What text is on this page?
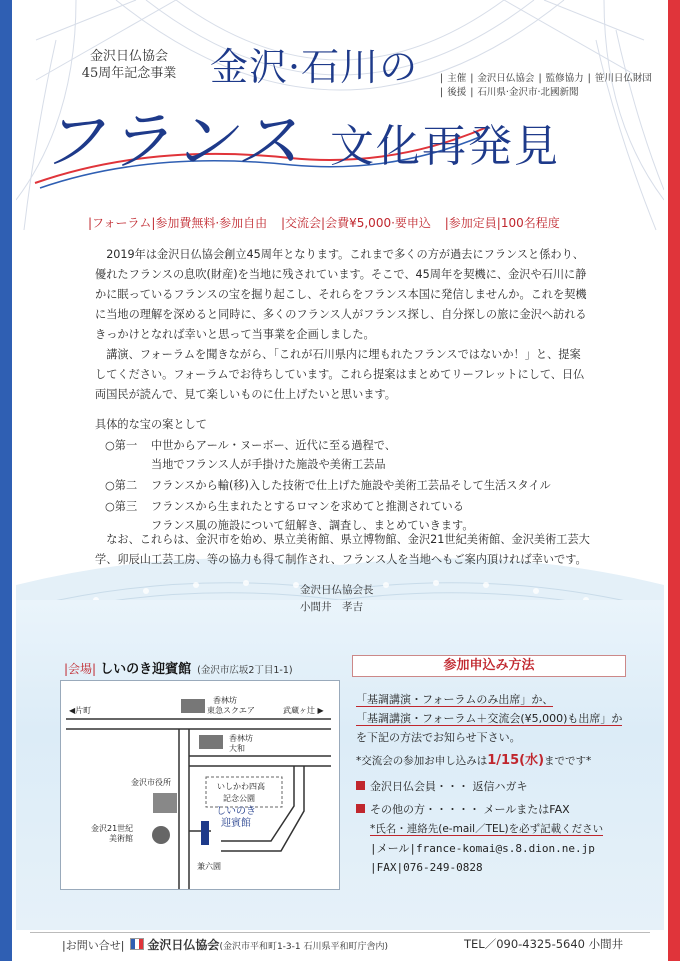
金沢日仏協会
45周年記念事業 金沢·石川の
フランス 文化再発見
| 主催 | 金沢日仏協会 | 監修協力 | 笹川日仏財団
| 後援 | 石川県·金沢市·北國新聞
|フォーラム|参加費無料·参加自由 |交流会|会費¥5,000·要申込 |参加定員|100名程度

2019年は金沢日仏協会創立45周年となります。これまで多くの方が過去にフランスと係わり、優れたフランスの息吹(財産)を当地に残されています。そこで、45周年を契機に、金沢や石川に静かに眠っているフランスの宝を掘り起こし、それらをフランス本国に発信しませんか。これを契機に当地の理解を深めると同時に、多くのフランス人がフランス探し、自分探しの旅に金沢へ訪れるきっかけとなれば幸いと思って当事業を企画しました。

講演、フォーラムを聞きながら、「これが石川県内に埋もれたフランスではないか！」と、提案してください。フォーラムでお待ちしています。これら提案はまとめてリーフレットにして、日仏両国民が読んで、見て楽しいものに仕上げたいと思います。

具体的な宝の案として
○第一	中世からアール・ヌーボー、近代に至る過程で、
当地でフランス人が手掛けた施設や美術工芸品
○第二	フランスから輸(移)入した技術で仕上げた施設や美術工芸品そして生活スタイル
○第三	フランスから生まれたとするロマンを求めてと推測されている
フランス風の施設について紐解き、調査し、まとめていきます。
なお、これらは、金沢市を始め、県立美術館、県立博物館、金沢21世紀美術館、金沢美術工芸大学、卯辰山工芸工房、等の協力も得て制作され、フランス人を当地へもご案内頂ければ幸いです。
金沢日仏協会長
小間井　孝吉
|会場| しいのき迎賓館 (金沢市広坂2丁目1-1)
◀片町	武蔵ヶ辻 ▶
香林坊
東急スクエア
香林坊
大和
金沢市役所	いしかわ四高
記念公園
金沢21世紀
美術館
しいのき
迎賓館
兼六園
参加申込み方法
「基調講演・フォーラムのみ出席」か、
「基調講演・フォーラム＋交流会(¥5,000)も出席」か
を下記の方法でお知らせ下さい。
*交流会の参加お申し込みは1/15(水)までです*
金沢日仏会員・・・ 返信ハガキ
その他の方・・・・・ メールまたはFAX
*氏名・連絡先(e-mail／TEL)を必ず記載ください
|メール|france-komai@s.8.dion.ne.jp
|FAX|076-249-0828
|お問い合せ| 金沢日仏協会(金沢市平和町1-3-1 石川県平和町庁舎内)	TEL／090-4325-5640 小間井
